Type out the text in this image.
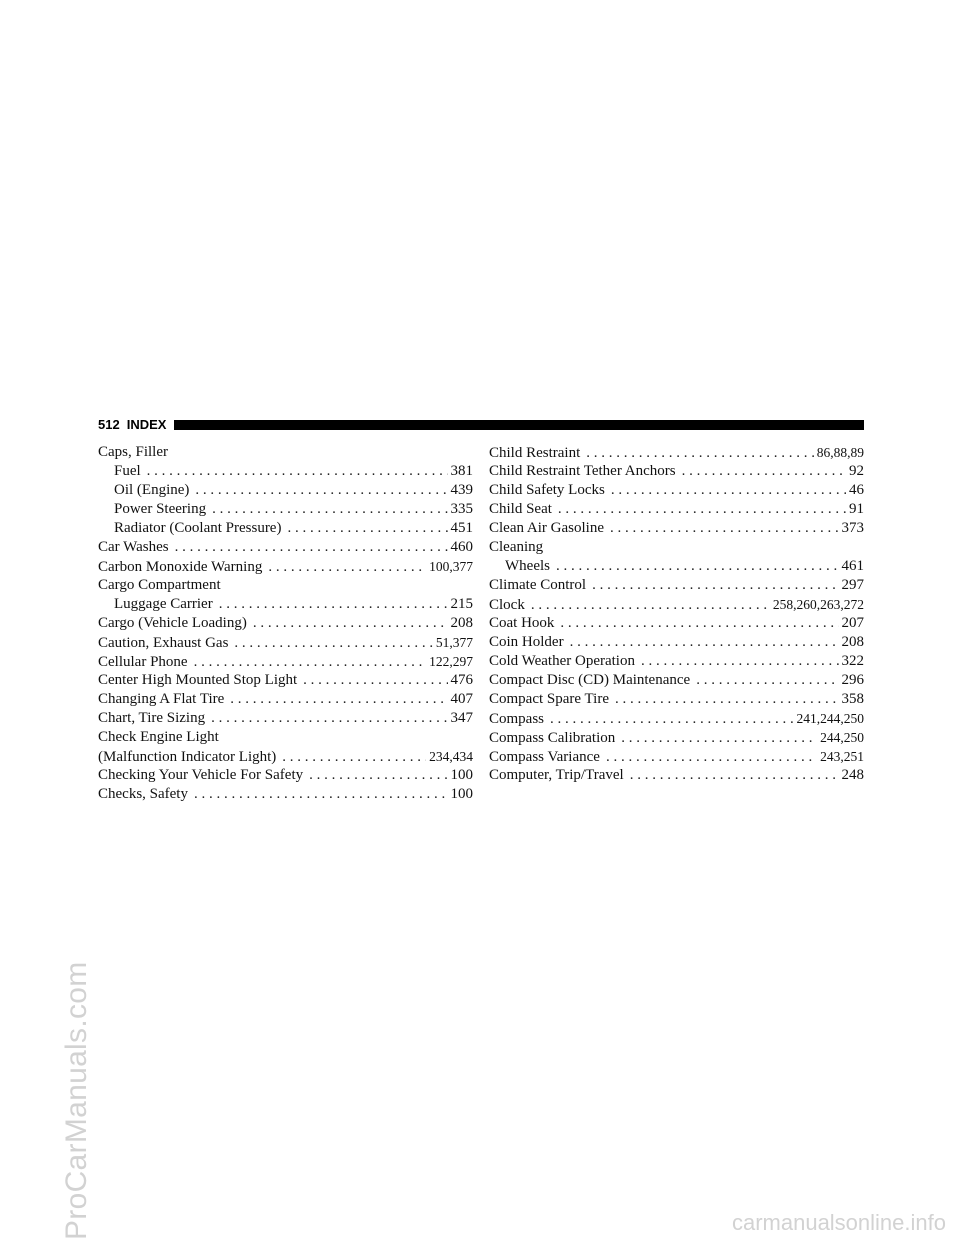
ProCarManuals.com	carmanualsonline.info
512 INDEX
Caps, Filler
Fuel . . .	381
Oil (Engine) . . .	439
Power Steering . . .	335
Radiator (Coolant Pressure) . . .	451
Car Washes . . .	460
Carbon Monoxide Warning . . .	100,377
Cargo Compartment
Luggage Carrier . . .	215
Cargo (Vehicle Loading) . . .	208
Caution, Exhaust Gas . . .	51,377
Cellular Phone . . .	122,297
Center High Mounted Stop Light . . .	476
Changing A Flat Tire . . .	407
Chart, Tire Sizing . . .	347
Check Engine Light
(Malfunction Indicator Light) . . .	234,434
Checking Your Vehicle For Safety . . .	100
Checks, Safety . . .	100
Child Restraint . . .	86,88,89
Child Restraint Tether Anchors . . .	92
Child Safety Locks . . .	46
Child Seat . . .	91
Clean Air Gasoline . . .	373
Cleaning
Wheels . . .	461
Climate Control . . .	297
Clock . . .	258,260,263,272
Coat Hook . . .	207
Coin Holder . . .	208
Cold Weather Operation . . .	322
Compact Disc (CD) Maintenance . . .	296
Compact Spare Tire . . .	358
Compass . . .	241,244,250
Compass Calibration . . .	244,250
Compass Variance . . .	243,251
Computer, Trip/Travel . . .	248
